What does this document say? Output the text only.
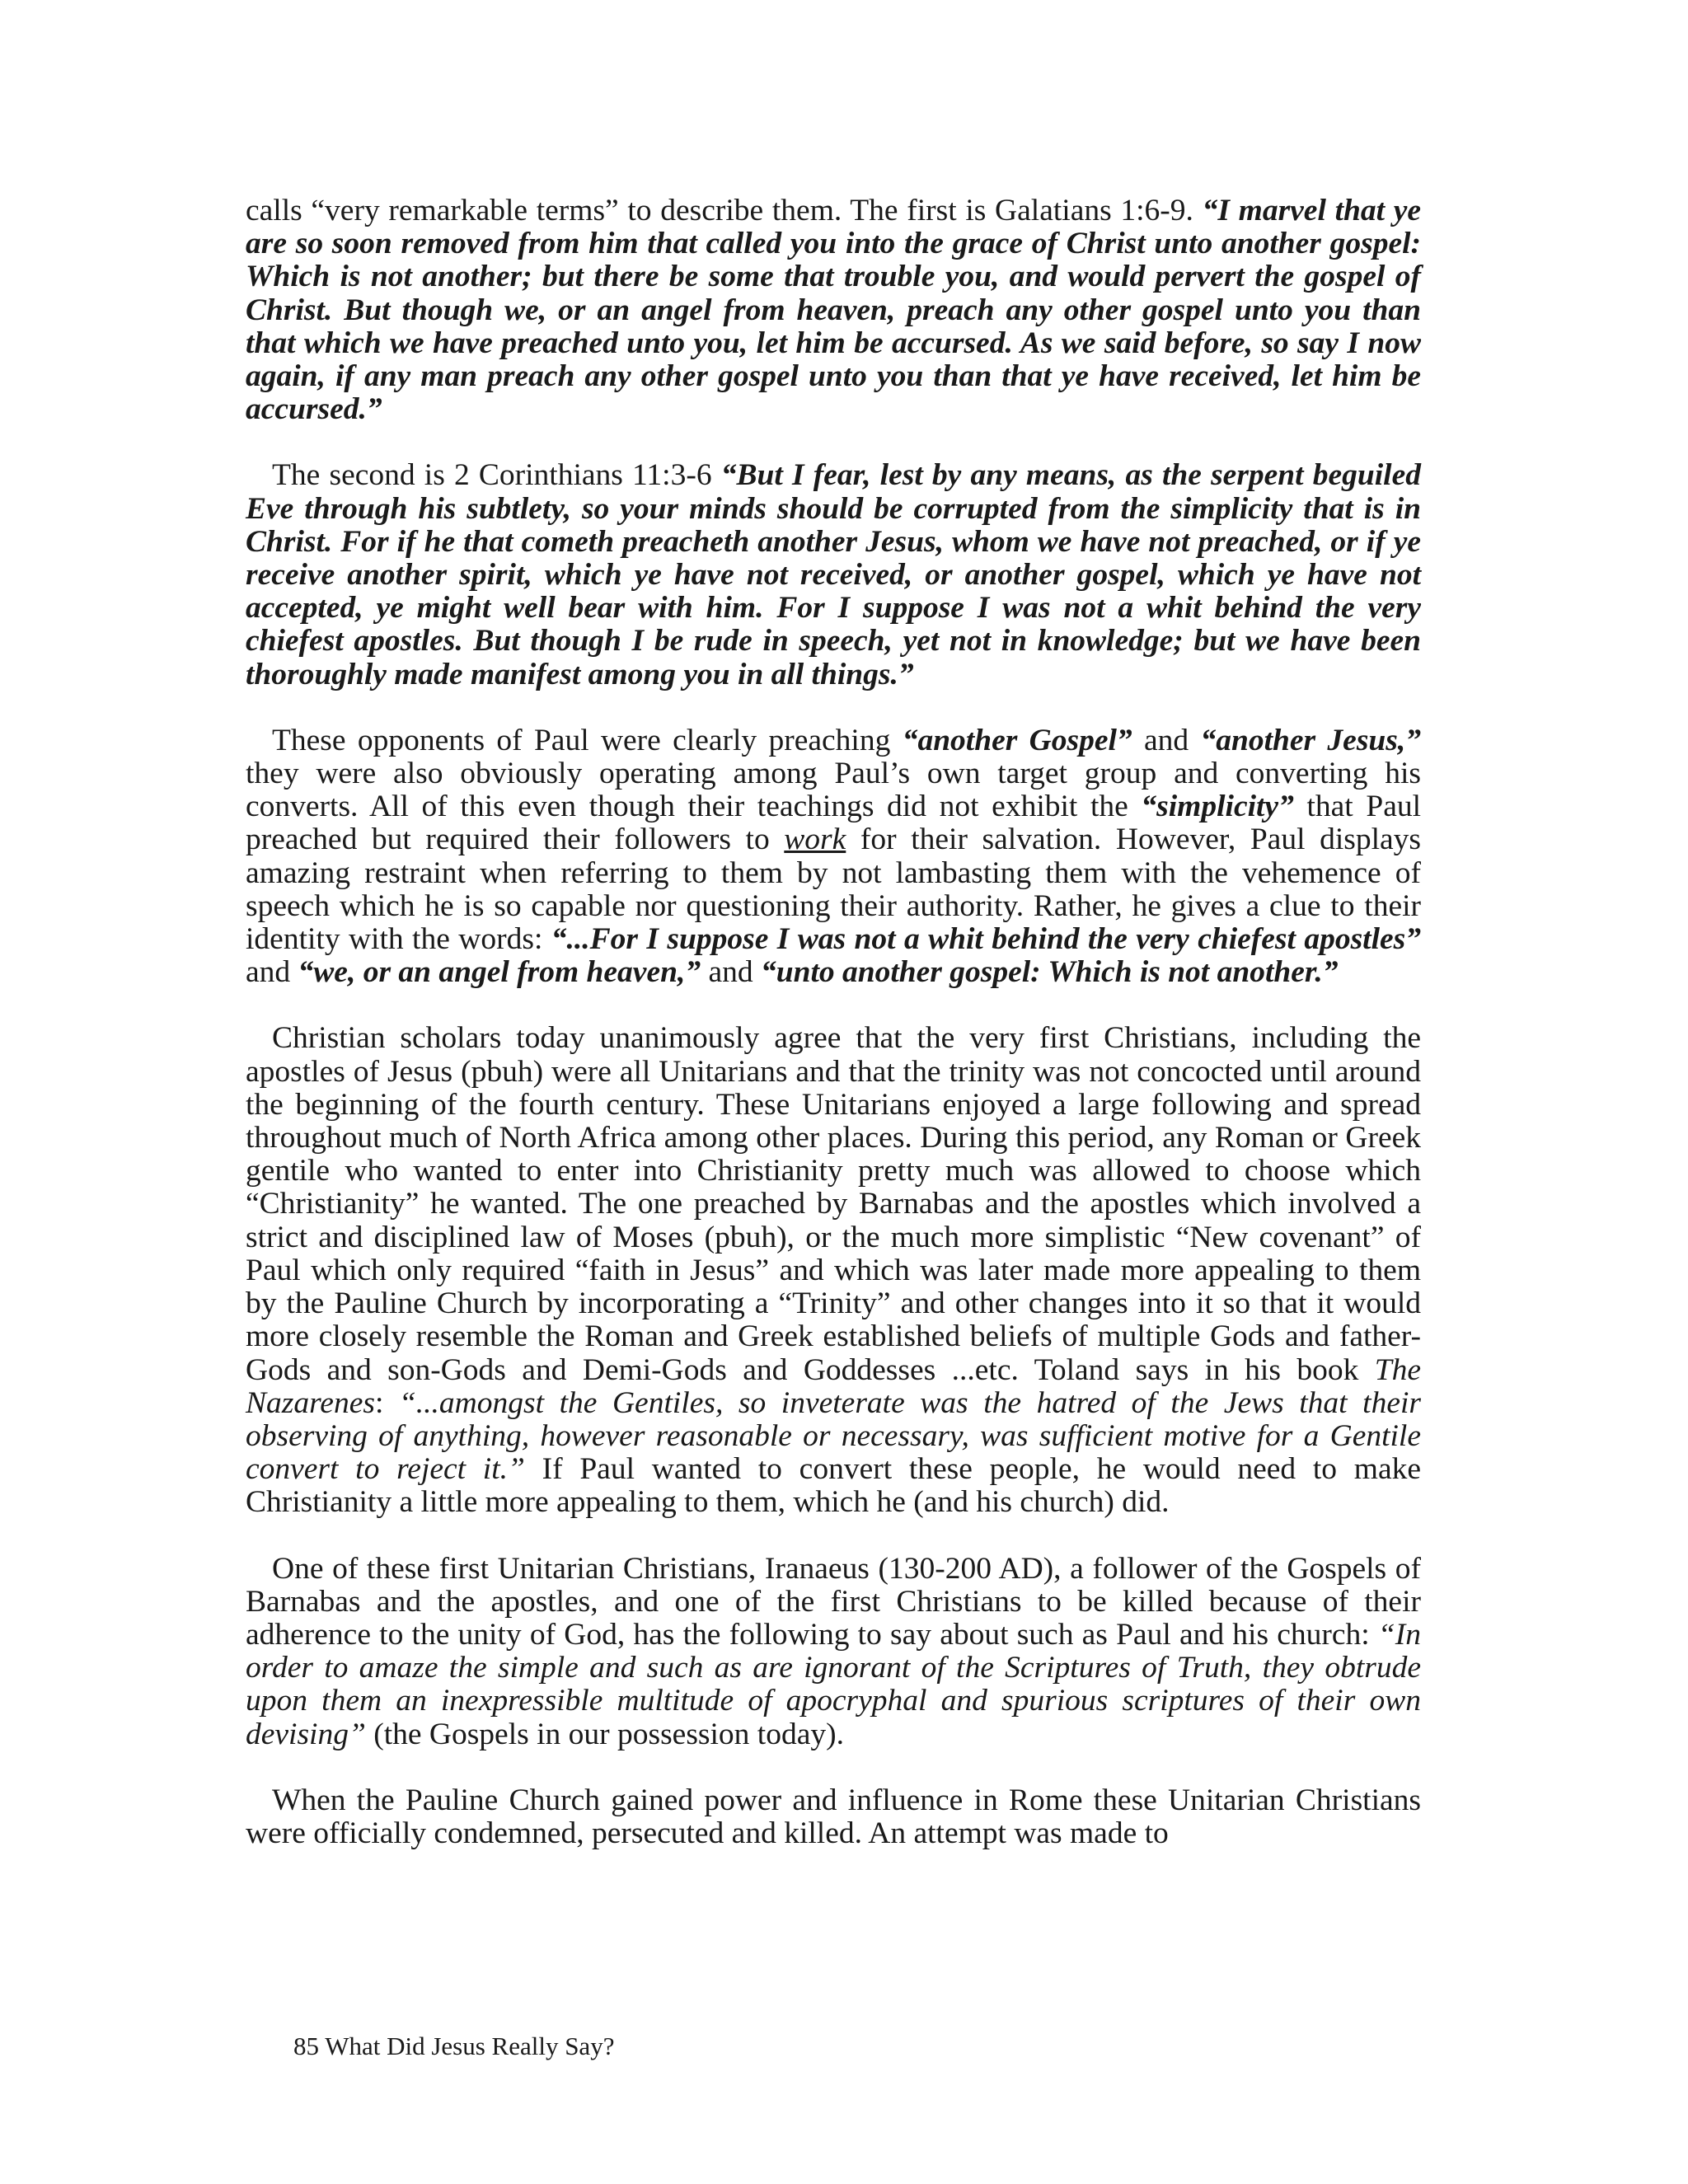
calls “very remarkable terms” to describe them. The first is Galatians 1:6-9. “I marvel that ye are so soon removed from him that called you into the grace of Christ unto another gospel: Which is not another; but there be some that trouble you, and would pervert the gospel of Christ. But though we, or an angel from heaven, preach any other gospel unto you than that which we have preached unto you, let him be accursed. As we said before, so say I now again, if any man preach any other gospel unto you than that ye have received, let him be accursed.”

The second is 2 Corinthians 11:3-6 “But I fear, lest by any means, as the serpent beguiled Eve through his subtlety, so your minds should be corrupted from the simplicity that is in Christ. For if he that cometh preacheth another Jesus, whom we have not preached, or if ye receive another spirit, which ye have not received, or another gospel, which ye have not accepted, ye might well bear with him. For I suppose I was not a whit behind the very chiefest apostles. But though I be rude in speech, yet not in knowledge; but we have been thoroughly made manifest among you in all things.”

These opponents of Paul were clearly preaching “another Gospel” and “another Jesus,” they were also obviously operating among Paul’s own target group and converting his converts. All of this even though their teachings did not exhibit the “simplicity” that Paul preached but required their followers to work for their salvation. However, Paul displays amazing restraint when referring to them by not lambasting them with the vehemence of speech which he is so capable nor questioning their authority. Rather, he gives a clue to their identity with the words: “...For I suppose I was not a whit behind the very chiefest apostles” and “we, or an angel from heaven,” and “unto another gospel: Which is not another.”

Christian scholars today unanimously agree that the very first Christians, including the apostles of Jesus (pbuh) were all Unitarians and that the trinity was not concocted until around the beginning of the fourth century. These Unitarians enjoyed a large following and spread throughout much of North Africa among other places. During this period, any Roman or Greek gentile who wanted to enter into Christianity pretty much was allowed to choose which “Christianity” he wanted. The one preached by Barnabas and the apostles which involved a strict and disciplined law of Moses (pbuh), or the much more simplistic “New covenant” of Paul which only required “faith in Jesus” and which was later made more appealing to them by the Pauline Church by incorporating a “Trinity” and other changes into it so that it would more closely resemble the Roman and Greek established beliefs of multiple Gods and father-Gods and son-Gods and Demi-Gods and Goddesses ...etc. Toland says in his book The Nazarenes: “...amongst the Gentiles, so inveterate was the hatred of the Jews that their observing of anything, however reasonable or necessary, was sufficient motive for a Gentile convert to reject it.” If Paul wanted to convert these people, he would need to make Christianity a little more appealing to them, which he (and his church) did.

One of these first Unitarian Christians, Iranaeus (130-200 AD), a follower of the Gospels of Barnabas and the apostles, and one of the first Christians to be killed because of their adherence to the unity of God, has the following to say about such as Paul and his church: “In order to amaze the simple and such as are ignorant of the Scriptures of Truth, they obtrude upon them an inexpressible multitude of apocryphal and spurious scriptures of their own devising” (the Gospels in our possession today).

When the Pauline Church gained power and influence in Rome these Unitarian Christians were officially condemned, persecuted and killed. An attempt was made to

85 What Did Jesus Really Say?
